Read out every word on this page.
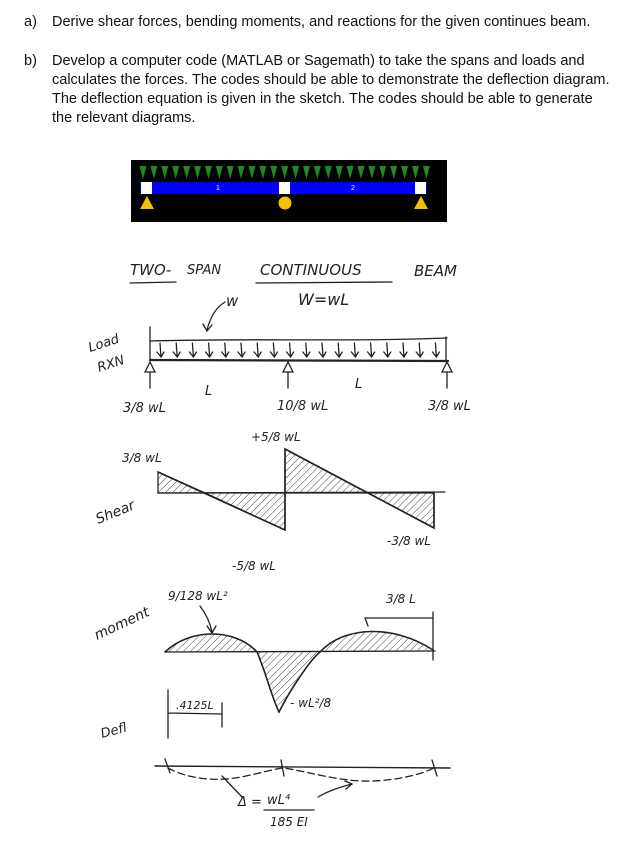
a) Derive shear forces, bending moments, and reactions for the given continues beam.
b) Develop a computer code (MATLAB or Sagemath) to take the spans and loads and calculates the forces. The codes should be able to demonstrate the deflection diagram. The deflection equation is given in the sketch. The codes should be able to generate the relevant diagrams.
1	2
TWO- SPAN	CONTINUOUS	BEAM
w	W=wL
Load
RXN
Shear
moment
Defl
L	L
3/8 wL	10/8 wL	3/8 wL
3/8 wL
+5/8 wL
-5/8 wL
-3/8 wL
9/128 wL²	3/8 L
- wL²/8
.4125L
Δ = wL⁴
185 EI
